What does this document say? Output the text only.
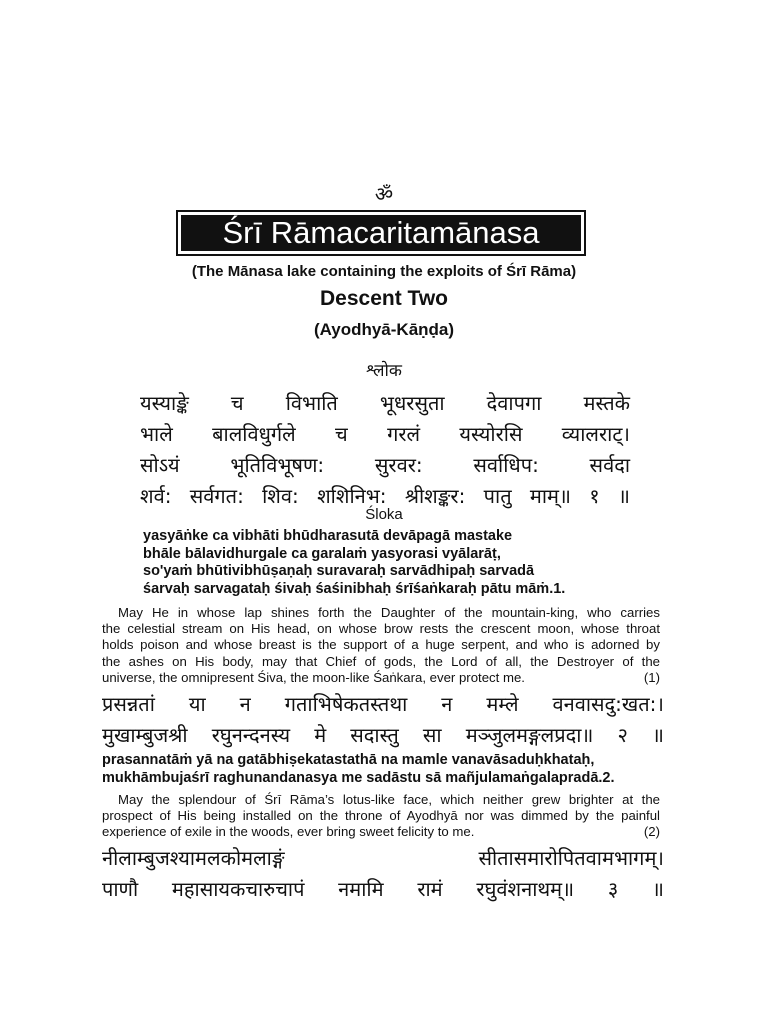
ॐ
Śrī Rāmacaritamānasa
(The Mānasa lake containing the exploits of Śrī Rāma)
Descent Two
(Ayodhyā-Kāṇḍa)
श्लोक
यस्याङ्के च विभाति भूधरसुता देवापगा मस्तके
भाले बालविधुर्गले च गरलं यस्योरसि व्यालराट्।
सोऽयं भूतिविभूषण: सुरवर: सर्वाधिप: सर्वदा
शर्व: सर्वगत: शिव: शशिनिभ: श्रीशङ्कर: पातु माम्॥ १ ॥
Śloka
yasyāṅke ca vibhāti bhūdharasutā devāpagā mastake
bhāle bālavidhurgale ca garalaṁ yasyorasi vyālarāṭ,
so'yaṁ bhūtivibhūṣaṇaḥ suravaraḥ sarvādhipaḥ sarvadā
śarvaḥ sarvagataḥ śivaḥ śaśinibhaḥ śrīśaṅkaraḥ pātu māṁ.1.
May He in whose lap shines forth the Daughter of the mountain-king, who carries
the celestial stream on His head, on whose brow rests the crescent moon, whose throat
holds poison and whose breast is the support of a huge serpent, and who is adorned by
the ashes on His body, may that Chief of gods, the Lord of all, the Destroyer of the
universe, the omnipresent Śiva, the moon-like Śaṅkara, ever protect me.	(1)
प्रसन्नतां या न गताभिषेकतस्तथा न मम्ले वनवासदु:खत:।
मुखाम्बुजश्री रघुनन्दनस्य मे सदास्तु सा मञ्जुलमङ्गलप्रदा॥ २ ॥
prasannatāṁ yā na gatābhiṣekatastathā na mamle vanavāsaduḥkhataḥ,
mukhāmbujaśrī raghunandanasya me sadāstu sā mañjulamaṅgalapradā.2.
May the splendour of Śrī Rāma’s lotus-like face, which neither grew brighter at the
prospect of His being installed on the throne of Ayodhyā nor was dimmed by the painful
experience of exile in the woods, ever bring sweet felicity to me.	(2)
नीलाम्बुजश्यामलकोमलाङ्गं सीतासमारोपितवामभागम्।
पाणौ महासायकचारुचापं नमामि रामं रघुवंशनाथम्॥ ३ ॥
